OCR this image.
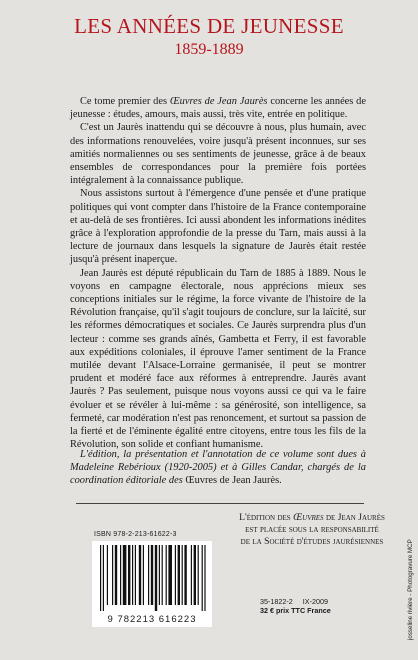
LES ANNÉES DE JEUNESSE
1859-1889

Ce tome premier des Œuvres de Jean Jaurès concerne les années de jeunesse : études, amours, mais aussi, très vite, entrée en politique.

C'est un Jaurès inattendu qui se découvre à nous, plus humain, avec des informations renouvelées, voire jusqu'à présent inconnues, sur ses amitiés normaliennes ou ses sentiments de jeunesse, grâce à de beaux ensembles de correspondances pour la première fois portées intégralement à la connaissance publique.

Nous assistons surtout à l'émergence d'une pensée et d'une pratique politiques qui vont compter dans l'histoire de la France contemporaine et au-delà de ses frontières. Ici aussi abondent les informations inédites grâce à l'exploration approfondie de la presse du Tarn, mais aussi à la lecture de journaux dans lesquels la signature de Jaurès était restée jusqu'à présent inaperçue.

Jean Jaurès est député républicain du Tarn de 1885 à 1889. Nous le voyons en campagne électorale, nous apprécions mieux ses conceptions initiales sur le régime, la force vivante de l'histoire de la Révolution française, qu'il s'agit toujours de conclure, sur la laïcité, sur les réformes démocratiques et sociales. Ce Jaurès surprendra plus d'un lecteur : comme ses grands aînés, Gambetta et Ferry, il est favorable aux expéditions coloniales, il éprouve l'amer sentiment de la France mutilée devant l'Alsace-Lorraine germanisée, il peut se montrer prudent et modéré face aux réformes à entreprendre. Jaurès avant Jaurès ? Pas seulement, puisque nous voyons aussi ce qui va le faire évoluer et se révéler à lui-même : sa générosité, son intelligence, sa fermeté, car modération n'est pas renoncement, et surtout sa passion de la fierté et de l'éminente égalité entre citoyens, entre tous les fils de la Révolution, son solide et confiant humanisme.

L'édition, la présentation et l'annotation de ce volume sont dues à Madeleine Rebérioux (1920-2005) et à Gilles Candar, chargés de la coordination éditoriale des Œuvres de Jean Jaurès.
ISBN 978-2-213-61622-3
9 782213 616223
L'édition des Œuvres de Jean Jaurès
est placée sous la responsabilité
de la Société d'études jaurésiennes
35-1822-2 IX-2009
32 € prix TTC France	josseline rivière - Photogravure MCP
